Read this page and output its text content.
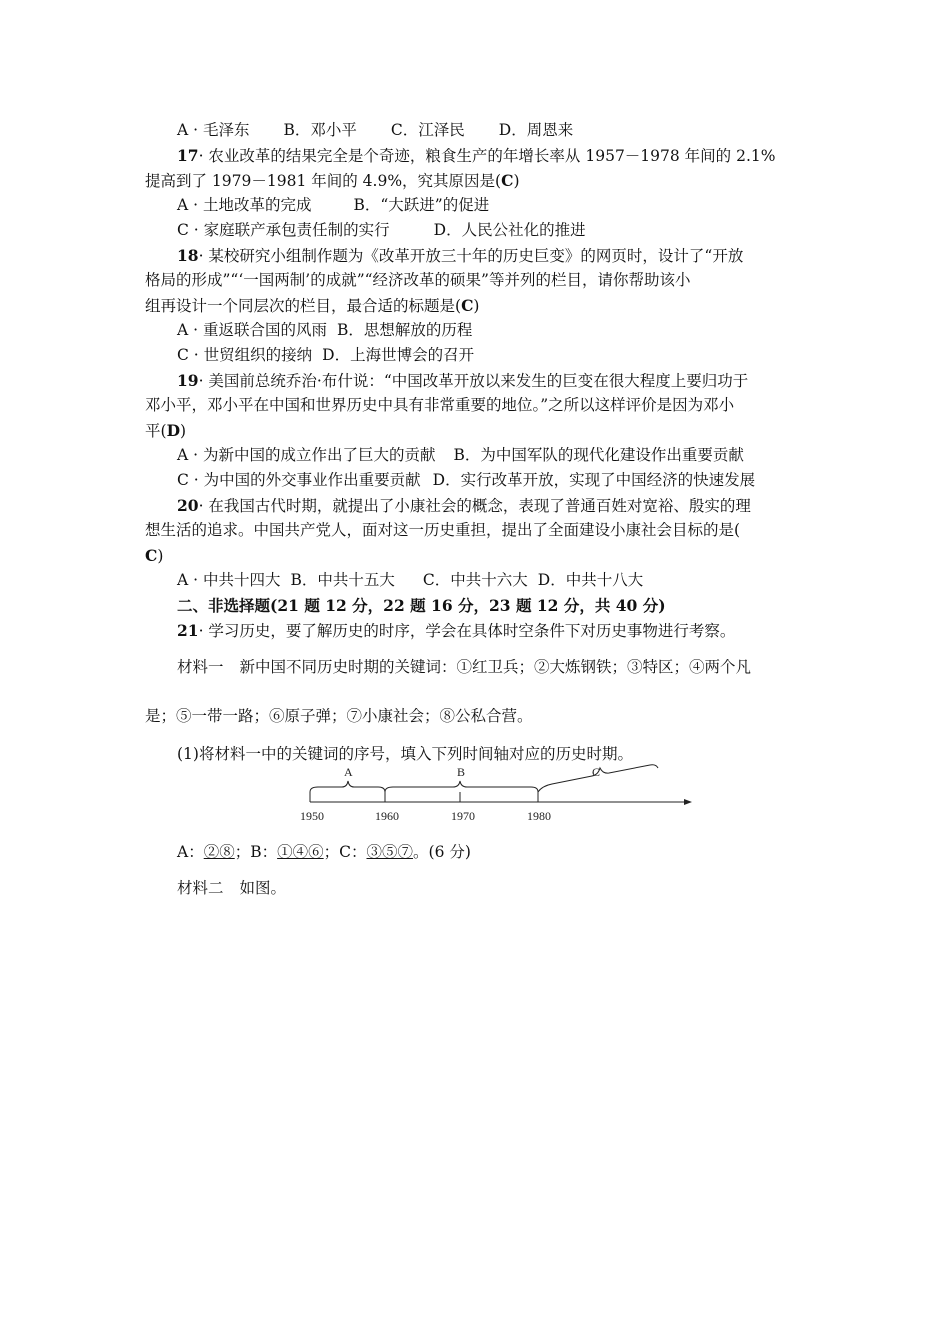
A · 毛泽东 B．邓小平 C．江泽民 D．周恩来
17· 农业改革的结果完全是个奇迹，粮食生产的年增长率从 1957－1978 年间的 2.1%
提高到了 1979－1981 年间的 4.9%，究其原因是(C)
A · 土地改革的完成	B．“大跃进”的促进
C · 家庭联产承包责任制的实行	D．人民公社化的推进
18· 某校研究小组制作题为《改革开放三十年的历史巨变》的网页时，设计了“开放
格局的形成”“‘一国两制’的成就”“经济改革的硕果”等并列的栏目，请你帮助该小
组再设计一个同层次的栏目，最合适的标题是(C)
A · 重返联合国的风雨 B．思想解放的历程
C · 世贸组织的接纳 D．上海世博会的召开
19· 美国前总统乔治·布什说：“中国改革开放以来发生的巨变在很大程度上要归功于
邓小平，邓小平在中国和世界历史中具有非常重要的地位。”之所以这样评价是因为邓小
平(D)
A · 为新中国的成立作出了巨大的贡献 B．为中国军队的现代化建设作出重要贡献
C · 为中国的外交事业作出重要贡献 D．实行改革开放，实现了中国经济的快速发展
20· 在我国古代时期，就提出了小康社会的概念，表现了普通百姓对宽裕、殷实的理
想生活的追求。中国共产党人，面对这一历史重担，提出了全面建设小康社会目标的是(
C)
A · 中共十四大 B．中共十五大 C．中共十六大 D．中共十八大
二、非选择题(21 题 12 分，22 题 16 分，23 题 12 分，共 40 分)
21· 学习历史，要了解历史的时序，学会在具体时空条件下对历史事物进行考察。
材料一 新中国不同历史时期的关键词：①红卫兵；②大炼钢铁；③特区；④两个凡
是；⑤一带一路；⑥原子弹；⑦小康社会；⑧公私合营。
(1)将材料一中的关键词的序号，填入下列时间轴对应的历史时期。
A	B	C
1950	1960	1970	1980
A：②⑧；B：①④⑥；C：③⑤⑦。(6 分)
材料二 如图。
